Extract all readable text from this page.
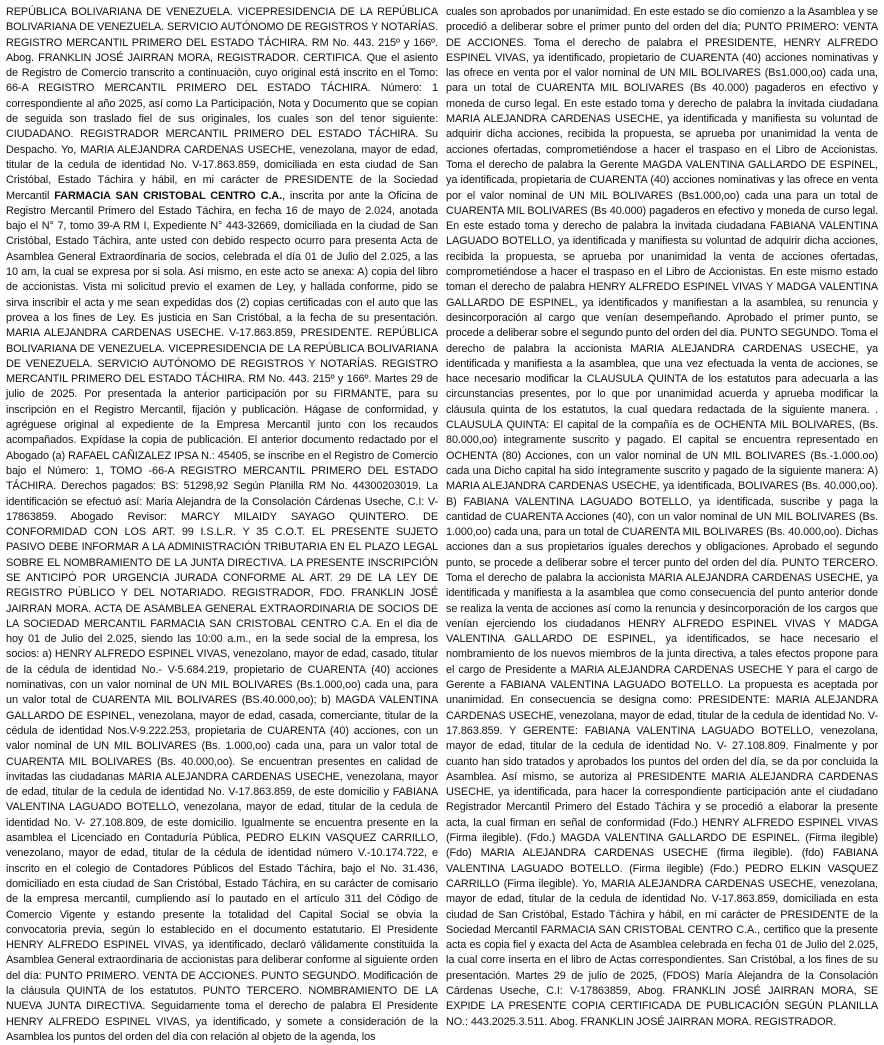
REPÚBLICA BOLIVARIANA DE VENEZUELA. VICEPRESIDENCIA DE LA REPÚBLICA BOLIVARIANA DE VENEZUELA. SERVICIO AUTÓNOMO DE REGISTROS Y NOTARÍAS. REGISTRO MERCANTIL PRIMERO DEL ESTADO TÁCHIRA. RM No. 443. 215º y 166º. Abog. FRANKLIN JOSÉ JAIRRAN MORA, REGISTRADOR. CERTIFICA. Que el asiento de Registro de Comercio transcrito a continuación, cuyo original está inscrito en el Tomo: 66-A REGISTRO MERCANTIL PRIMERO DEL ESTADO TÁCHIRA. Número: 1 correspondiente al año 2025, así como La Participación, Nota y Documento que se copian de seguida son traslado fiel de sus originales, los cuales son del tenor siguiente: CIUDADANO. REGISTRADOR MERCANTIL PRIMERO DEL ESTADO TÁCHIRA. Su Despacho. Yo, MARIA ALEJANDRA CARDENAS USECHE, venezolana, mayor de edad, titular de la cedula de identidad No. V-17.863.859, domiciliada en esta ciudad de San Cristóbal, Estado Táchira y hábil, en mi carácter de PRESIDENTE de la Sociedad Mercantil FARMACIA SAN CRISTOBAL CENTRO C.A., inscrita por ante la Oficina de Registro Mercantil Primero del Estado Táchira, en fecha 16 de mayo de 2.024, anotada bajo el N° 7, tomo 39-A RM I, Expediente N° 443-32669, domiciliada en la ciudad de San Cristóbal, Estado Táchira, ante usted con debido respecto ocurro para presenta Acta de Asamblea General Extraordinaria de socios, celebrada el día 01 de Julio del 2.025, a las 10 am, la cual se expresa por si sola. Así mismo, en este acto se anexa: A) copia del libro de accionistas. Vista mi solicitud previo el examen de Ley, y hallada conforme, pido se sirva inscribir el acta y me sean expedidas dos (2) copias certificadas con el auto que las provea a los fines de Ley. Es justicia en San Cristóbal, a la fecha de su presentación. MARIA ALEJANDRA CARDENAS USECHE. V-17.863.859, PRESIDENTE. REPÚBLICA BOLIVARIANA DE VENEZUELA. VICEPRESIDENCIA DE LA REPÚBLICA BOLIVARIANA DE VENEZUELA. SERVICIO AUTÓNOMO DE REGISTROS Y NOTARÍAS. REGISTRO MERCANTIL PRIMERO DEL ESTADO TÁCHIRA. RM No. 443. 215º y 166º. Martes 29 de julio de 2025. Por presentada la anterior participación por su FIRMANTE, para su inscripción en el Registro Mercantil, fijación y publicación. Hágase de conformidad, y agréguese original al expediente de la Empresa Mercantil junto con los recaudos acompañados. Expídase la copia de publicación. El anterior documento redactado por el Abogado (a) RAFAEL CAÑIZALEZ IPSA N.: 45405, se inscribe en el Registro de Comercio bajo el Número: 1, TOMO -66-A REGISTRO MERCANTIL PRIMERO DEL ESTADO TÁCHIRA. Derechos pagados: BS: 51298,92 Según Planilla RM No. 44300203019. La identificación se efectuó así: Maria Alejandra de la Consolación Cárdenas Useche, C.I: V-17863859. Abogado Revisor: MARCY MILAIDY SAYAGO QUINTERO. DE CONFORMIDAD CON LOS ART. 99 I.S.L.R. Y 35 C.O.T. EL PRESENTE SUJETO PASIVO DEBE INFORMAR A LA ADMINISTRACIÓN TRIBUTARIA EN EL PLAZO LEGAL SOBRE EL NOMBRAMIENTO DE LA JUNTA DIRECTIVA. LA PRESENTE INSCRIPCIÓN SE ANTICIPÓ POR URGENCIA JURADA CONFORME AL ART. 29 DE LA LEY DE REGISTRO PÚBLICO Y DEL NOTARIADO. REGISTRADOR, FDO. FRANKLIN JOSÉ JAIRRAN MORA. ACTA DE ASAMBLEA GENERAL EXTRAORDINARIA DE SOCIOS DE LA SOCIEDAD MERCANTIL FARMACIA SAN CRISTOBAL CENTRO C.A. En el dia de hoy 01 de Julio del 2.025, siendo las 10:00 a.m., en la sede social de la empresa, los socios: a) HENRY ALFREDO ESPINEL VIVAS, venezolano, mayor de edad, casado, titular de la cédula de identidad No.- V-5.684.219, propietario de CUARENTA (40) acciones nominativas, con un valor nominal de UN MIL BOLIVARES (Bs.1.000,oo) cada una, para un valor total de CUARENTA MIL BOLIVARES (BS.40.000,oo); b) MAGDA VALENTINA GALLARDO DE ESPINEL, venezolana, mayor de edad, casada, comerciante, titular de la cédula de identidad Nos.V-9.222.253, propietaria de CUARENTA (40) acciones, con un valor nominal de UN MIL BOLIVARES (Bs. 1.000,oo) cada una, para un valor total de CUARENTA MIL BOLIVARES (Bs. 40.000,oo). Se encuentran presentes en calidad de invitadas las ciudadanas MARIA ALEJANDRA CARDENAS USECHE, venezolana, mayor de edad, titular de la cedula de identidad No. V-17.863.859, de este domicilio y FABIANA VALENTINA LAGUADO BOTELLO, venezolana, mayor de edad, titular de la cedula de identidad No. V- 27.108.809, de este domicilio. Igualmente se encuentra presente en la asamblea el Licenciado en Contaduría Pública, PEDRO ELKIN VASQUEZ CARRILLO, venezolano, mayor de edad, titular de la cédula de identidad número V.-10.174.722, e inscrito en el colegio de Contadores Públicos del Estado Táchira, bajo el No. 31.436, domiciliado en esta ciudad de San Cristóbal, Estado Táchira, en su carácter de comisario de la empresa mercantil, cumpliendo así lo pautado en el artículo 311 del Código de Comercio Vigente y estando presente la totalidad del Capital Social se obvia la convocatoria previa, según lo establecido en el documento estatutario. El Presidente HENRY ALFREDO ESPINEL VIVAS, ya identificado, declaró válidamente constituida la Asamblea General extraordinaria de accionistas para deliberar conforme al siguiente orden del día: PUNTO PRIMERO. VENTA DE ACCIONES. PUNTO SEGUNDO. Modificación de la cláusula QUINTA de los estatutos. PUNTO TERCERO. NOMBRAMIENTO DE LA NUEVA JUNTA DIRECTIVA. Seguidamente toma el derecho de palabra El Presidente HENRY ALFREDO ESPINEL VIVAS, ya identificado, y somete a consideración de la Asamblea los puntos del orden del día con relación al objeto de la agenda, los

cuales son aprobados por unanimidad. En este estado se dio comienzo a la Asamblea y se procedió a deliberar sobre el primer punto del orden del día; PUNTO PRIMERO: VENTA DE ACCIONES. Toma el derecho de palabra el PRESIDENTE, HENRY ALFREDO ESPINEL VIVAS, ya identificado, propietario de CUARENTA (40) acciones nominativas y las ofrece en venta por el valor nominal de UN MIL BOLIVARES (Bs1.000,oo) cada una, para un total de CUARENTA MIL BOLIVARES (Bs 40.000) pagaderos en efectivo y moneda de curso legal. En este estado toma y derecho de palabra la invitada ciudadana MARIA ALEJANDRA CARDENAS USECHE, ya identificada y manifiesta su voluntad de adquirir dicha acciones, recibida la propuesta, se aprueba por unanimidad la venta de acciones ofertadas, comprometiéndose a hacer el traspaso en el Libro de Accionistas. Toma el derecho de palabra la Gerente MAGDA VALENTINA GALLARDO DE ESPINEL, ya identificada, propietaria de CUARENTA (40) acciones nominativas y las ofrece en venta por el valor nominal de UN MIL BOLIVARES (Bs1.000,oo) cada una para un total de CUARENTA MIL BOLIVARES (Bs 40.000) pagaderos en efectivo y moneda de curso legal. En este estado toma y derecho de palabra la invitada ciudadana FABIANA VALENTINA LAGUADO BOTELLO, ya identificada y manifiesta su voluntad de adquirir dicha acciones, recibida la propuesta, se aprueba por unanimidad la venta de acciones ofertadas, comprometiéndose a hacer el traspaso en el Libro de Accionistas. En este mismo estado toman el derecho de palabra HENRY ALFREDO ESPINEL VIVAS Y MADGA VALENTINA GALLARDO DE ESPINEL, ya identificados y manifiestan a la asamblea, su renuncia y desincorporación al cargo que venían desempeñando. Aprobado el primer punto, se procede a deliberar sobre el segundo punto del orden del dia. PUNTO SEGUNDO. Toma el derecho de palabra la accionista MARIA ALEJANDRA CARDENAS USECHE, ya identificada y manifiesta a la asamblea, que una vez efectuada la venta de acciones, se hace necesario modificar la CLAUSULA QUINTA de los estatutos para adecuarla a las circunstancias presentes, por lo que por unanimidad acuerda y aprueba modificar la cláusula quinta de los estatutos, la cual quedara redactada de la siguiente manera. . CLAUSULA QUINTA: El capital de la compañía es de OCHENTA MIL BOLIVARES, (Bs. 80.000,oo) integramente suscrito y pagado. El capital se encuentra representado en OCHENTA (80) Acciones, con un valor nominal de UN MIL BOLIVARES (Bs.-1.000.oo) cada una Dicho capital ha sido íntegramente suscrito y pagado de la siguiente manera: A) MARIA ALEJANDRA CARDENAS USECHE, ya identificada, BOLIVARES (Bs. 40.000,oo). B) FABIANA VALENTINA LAGUADO BOTELLO, ya identificada, suscribe y paga la cantidad de CUARENTA Acciones (40), con un valor nominal de UN MIL BOLIVARES (Bs. 1.000,oo) cada una, para un total de CUARENTA MIL BOLIVARES (Bs. 40.000,oo). Dichas acciones dan a sus propietarios iguales derechos y obligaciones. Aprobado el segundo punto, se procede a deliberar sobre el tercer punto del orden del día. PUNTO TERCERO. Toma el derecho de palabra la accionista MARIA ALEJANDRA CARDENAS USECHE, ya identificada y manifiesta a la asamblea que como consecuencia del punto anterior donde se realiza la venta de acciones así como la renuncia y desincorporación de los cargos que venían ejerciendo los ciudadanos HENRY ALFREDO ESPINEL VIVAS Y MADGA VALENTINA GALLARDO DE ESPINEL, ya identificados, se hace necesario el nombramiento de los nuevos miembros de la junta directiva, a tales efectos propone para el cargo de Presidente a MARIA ALEJANDRA CARDENAS USECHE Y para el cargo de Gerente a FABIANA VALENTINA LAGUADO BOTELLO. La propuesta es aceptada por unanimidad. En consecuencia se designa como: PRESIDENTE: MARIA ALEJANDRA CARDENAS USECHE, venezolana, mayor de edad, titular de la cedula de identidad No. V-17.863.859. Y GERENTE: FABIANA VALENTINA LAGUADO BOTELLO, venezolana, mayor de edad, titular de la cedula de identidad No. V- 27.108.809. Finalmente y por cuanto han sido tratados y aprobados los puntos del orden del día, se da por concluida la Asamblea. Así mismo, se autoriza al PRESIDENTE MARIA ALEJANDRA CARDENAS USECHE, ya identificada, para hacer la correspondiente participación ante el ciudadano Registrador Mercantil Primero del Estado Táchira y se procedió a elaborar la presente acta, la cual firman en señal de conformidad (Fdo.) HENRY ALFREDO ESPINEL VIVAS (Firma ilegible). (Fdo.) MAGDA VALENTINA GALLARDO DE ESPINEL. (Firma ilegible) (Fdo) MARIA ALEJANDRA CARDENAS USECHE (firma ilegible). (fdo) FABIANA VALENTINA LAGUADO BOTELLO. (Firma ilegible) (Fdo.) PEDRO ELKIN VASQUEZ CARRILLO (Firma ilegible). Yo, MARIA ALEJANDRA CARDENAS USECHE, venezolana, mayor de edad, titular de la cedula de identidad No. V-17.863.859, domiciliada en esta ciudad de San Cristóbal, Estado Táchira y hábil, en mi carácter de PRESIDENTE de la Sociedad Mercantil FARMACIA SAN CRISTOBAL CENTRO C.A., certifico que la presente acta es copia fiel y exacta del Acta de Asamblea celebrada en fecha 01 de Julio del 2.025, la cual corre inserta en el libro de Actas correspondientes. San Cristóbal, a los fines de su presentación. Martes 29 de julio de 2025, (FDOS) María Alejandra de la Consolación Cárdenas Useche, C.I: V-17863859, Abog. FRANKLIN JOSÉ JAIRRAN MORA, SE EXPIDE LA PRESENTE COPIA CERTIFICADA DE PUBLICACIÓN SEGÚN PLANILLA NO.: 443.2025.3.511. Abog. FRANKLIN JOSÉ JAIRRAN MORA. REGISTRADOR.
